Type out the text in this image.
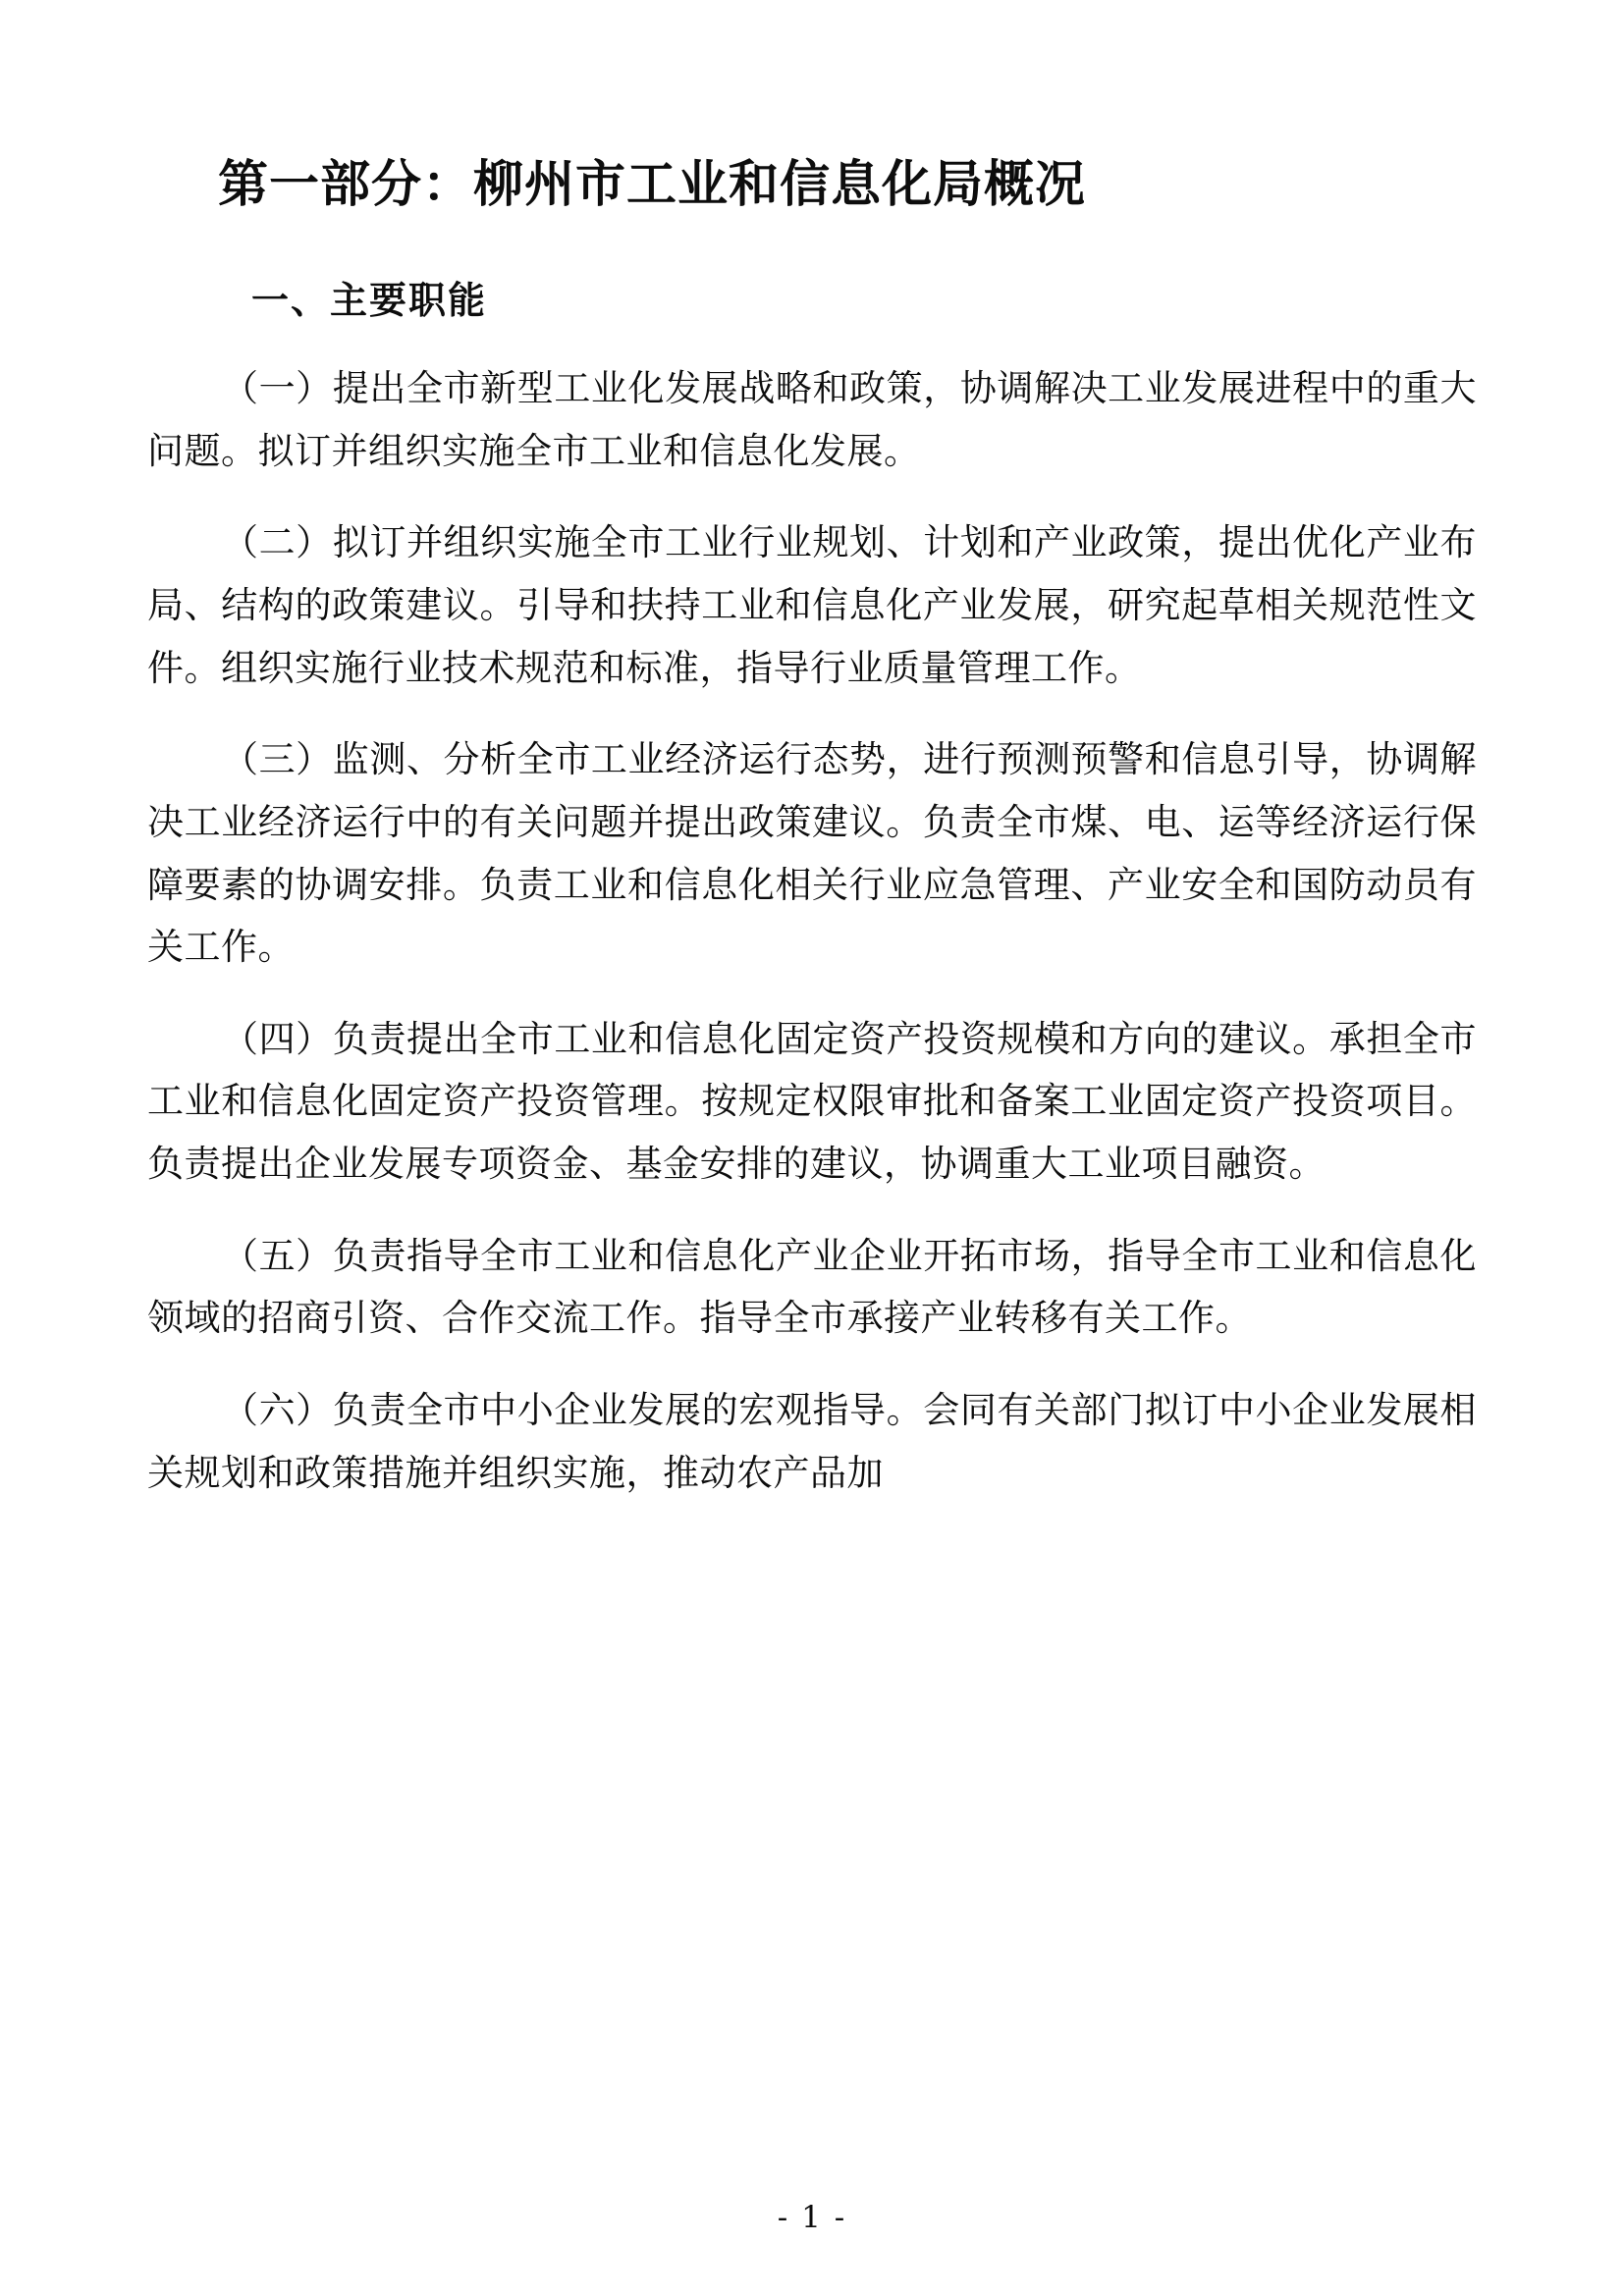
第一部分：柳州市工业和信息化局概况
一、主要职能

（一）提出全市新型工业化发展战略和政策，协调解决工业发展进程中的重大问题。拟订并组织实施全市工业和信息化发展。

（二）拟订并组织实施全市工业行业规划、计划和产业政策，提出优化产业布局、结构的政策建议。引导和扶持工业和信息化产业发展，研究起草相关规范性文件。组织实施行业技术规范和标准，指导行业质量管理工作。

（三）监测、分析全市工业经济运行态势，进行预测预警和信息引导，协调解决工业经济运行中的有关问题并提出政策建议。负责全市煤、电、运等经济运行保障要素的协调安排。负责工业和信息化相关行业应急管理、产业安全和国防动员有关工作。

（四）负责提出全市工业和信息化固定资产投资规模和方向的建议。承担全市工业和信息化固定资产投资管理。按规定权限审批和备案工业固定资产投资项目。负责提出企业发展专项资金、基金安排的建议，协调重大工业项目融资。

（五）负责指导全市工业和信息化产业企业开拓市场，指导全市工业和信息化领域的招商引资、合作交流工作。指导全市承接产业转移有关工作。

（六）负责全市中小企业发展的宏观指导。会同有关部门拟订中小企业发展相关规划和政策措施并组织实施，推动农产品加

- 1 -
